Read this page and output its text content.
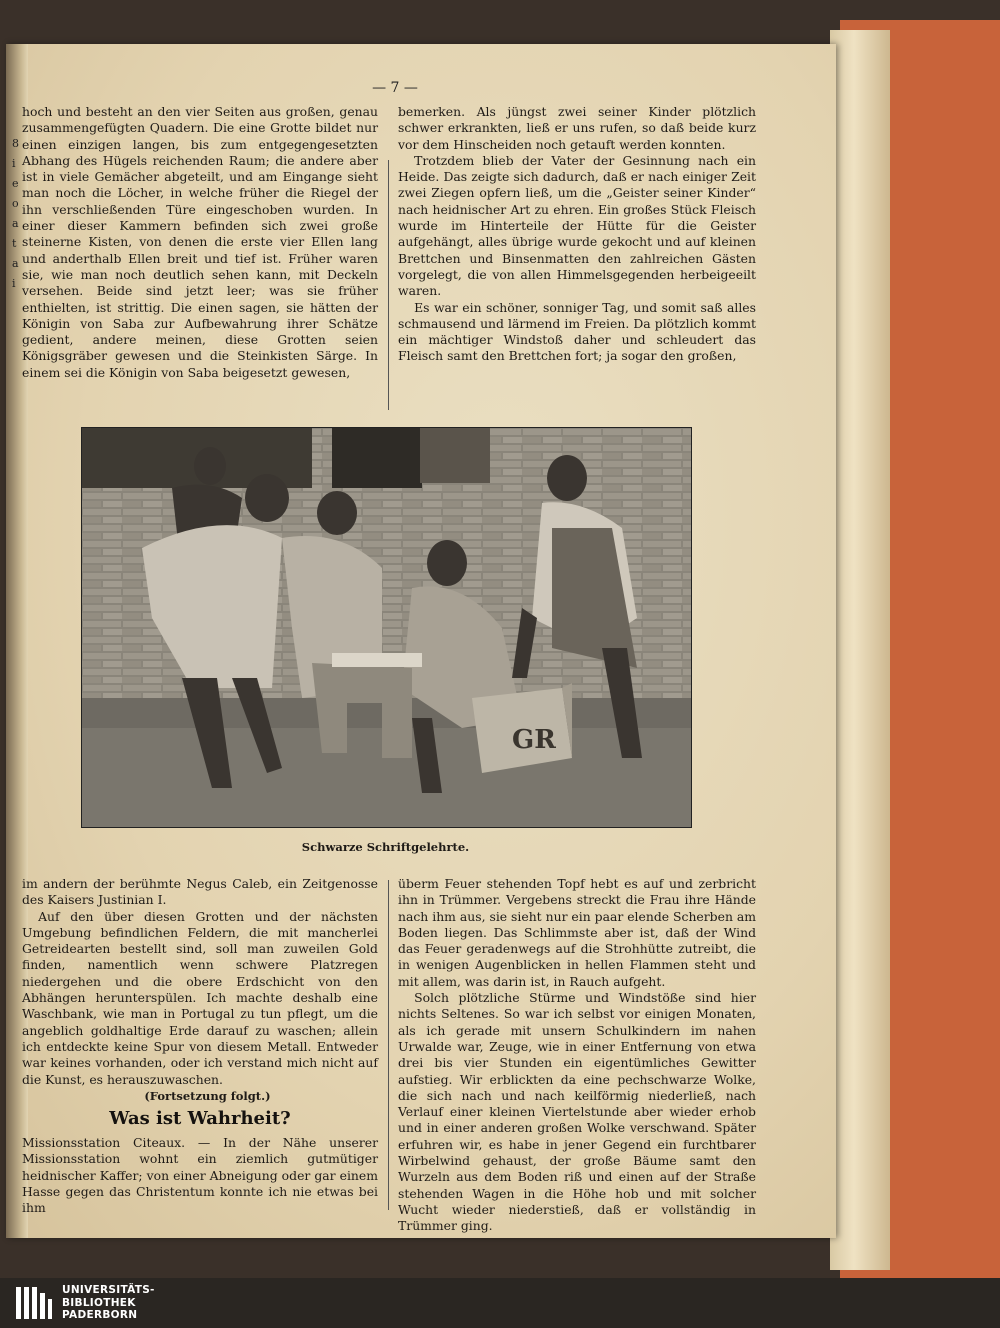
8
i
e
o
a
t
a
i
— 7 —

hoch und besteht an den vier Seiten aus großen, genau zusammengefügten Quadern. Die eine Grotte bildet nur einen einzigen langen, bis zum entgegengesetzten Abhang des Hügels reichenden Raum; die andere aber ist in viele Gemächer abgeteilt, und am Eingange sieht man noch die Löcher, in welche früher die Riegel der ihn verschließenden Türe eingeschoben wurden. In einer dieser Kammern befinden sich zwei große steinerne Kisten, von denen die erste vier Ellen lang und anderthalb Ellen breit und tief ist. Früher waren sie, wie man noch deutlich sehen kann, mit Deckeln versehen. Beide sind jetzt leer; was sie früher enthielten, ist strittig. Die einen sagen, sie hätten der Königin von Saba zur Aufbewahrung ihrer Schätze gedient, andere meinen, diese Grotten seien Königsgräber gewesen und die Steinkisten Särge. In einem sei die Königin von Saba beigesetzt gewesen,

bemerken. Als jüngst zwei seiner Kinder plötzlich schwer erkrankten, ließ er uns rufen, so daß beide kurz vor dem Hinscheiden noch getauft werden konnten.

Trotzdem blieb der Vater der Gesinnung nach ein Heide. Das zeigte sich dadurch, daß er nach einiger Zeit zwei Ziegen opfern ließ, um die „Geister seiner Kinder“ nach heidnischer Art zu ehren. Ein großes Stück Fleisch wurde im Hinterteile der Hütte für die Geister aufgehängt, alles übrige wurde gekocht und auf kleinen Brettchen und Binsenmatten den zahlreichen Gästen vorgelegt, die von allen Himmelsgegenden herbeigeeilt waren.

Es war ein schöner, sonniger Tag, und somit saß alles schmausend und lärmend im Freien. Da plötzlich kommt ein mächtiger Windstoß daher und schleudert das Fleisch samt den Brettchen fort; ja sogar den großen,

GR
Schwarze Schriftgelehrte.

im andern der berühmte Negus Caleb, ein Zeitgenosse des Kaisers Justinian I.

Auf den über diesen Grotten und der nächsten Umgebung befindlichen Feldern, die mit mancherlei Getreidearten bestellt sind, soll man zuweilen Gold finden, namentlich wenn schwere Platzregen niedergehen und die obere Erdschicht von den Abhängen herunterspülen. Ich machte deshalb eine Waschbank, wie man in Portugal zu tun pflegt, um die angeblich goldhaltige Erde darauf zu waschen; allein ich entdeckte keine Spur von diesem Metall. Entweder war keines vorhanden, oder ich verstand mich nicht auf die Kunst, es herauszuwaschen.

(Fortsetzung folgt.)

Was ist Wahrheit?

Missionsstation Citeaux. — In der Nähe unserer Missionsstation wohnt ein ziemlich gutmütiger heidnischer Kaffer; von einer Abneigung oder gar einem Hasse gegen das Christentum konnte ich nie etwas bei ihm

überm Feuer stehenden Topf hebt es auf und zerbricht ihn in Trümmer. Vergebens streckt die Frau ihre Hände nach ihm aus, sie sieht nur ein paar elende Scherben am Boden liegen. Das Schlimmste aber ist, daß der Wind das Feuer geradenwegs auf die Strohhütte zutreibt, die in wenigen Augenblicken in hellen Flammen steht und mit allem, was darin ist, in Rauch aufgeht.

Solch plötzliche Stürme und Windstöße sind hier nichts Seltenes. So war ich selbst vor einigen Monaten, als ich gerade mit unsern Schulkindern im nahen Urwalde war, Zeuge, wie in einer Entfernung von etwa drei bis vier Stunden ein eigentümliches Gewitter aufstieg. Wir erblickten da eine pechschwarze Wolke, die sich nach und nach keilförmig niederließ, nach Verlauf einer kleinen Viertelstunde aber wieder erhob und in einer anderen großen Wolke verschwand. Später erfuhren wir, es habe in jener Gegend ein furchtbarer Wirbelwind gehaust, der große Bäume samt den Wurzeln aus dem Boden riß und einen auf der Straße stehenden Wagen in die Höhe hob und mit solcher Wucht wieder niederstieß, daß er vollständig in Trümmer ging.

UNIVERSITÄTS-
BIBLIOTHEK
PADERBORN
